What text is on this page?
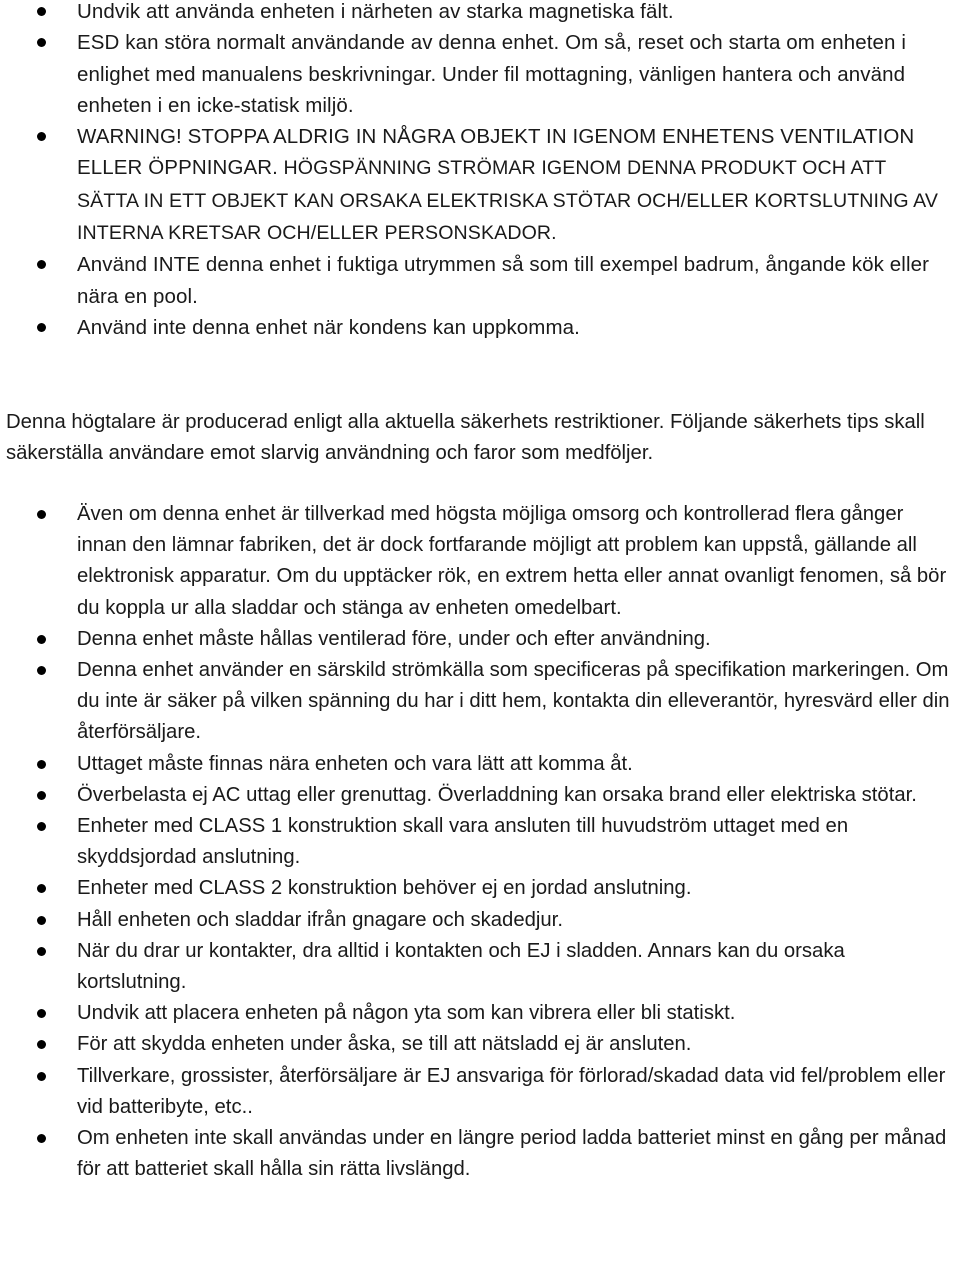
Undvik att använda enheten i närheten av starka magnetiska fält.
ESD kan störa normalt användande av denna enhet. Om så, reset och starta om enheten i enlighet med manualens beskrivningar. Under fil mottagning, vänligen hantera och använd enheten i en icke-statisk miljö.
WARNING! STOPPA ALDRIG IN NÅGRA OBJEKT IN IGENOM ENHETENS VENTILATION ELLER ÖPPNINGAR. HÖGSPÄNNING STRÖMAR IGENOM DENNA PRODUKT OCH ATT SÄTTA IN ETT OBJEKT KAN ORSAKA ELEKTRISKA STÖTAR OCH/ELLER KORTSLUTNING AV INTERNA KRETSAR OCH/ELLER PERSONSKADOR.
Använd INTE denna enhet i fuktiga utrymmen så som till exempel badrum, ångande kök eller nära en pool.
Använd inte denna enhet när kondens kan uppkomma.

Denna högtalare är producerad enligt alla aktuella säkerhets restriktioner. Följande säkerhets tips skall säkerställa användare emot slarvig användning och faror som medföljer.

Även om denna enhet är tillverkad med högsta möjliga omsorg och kontrollerad flera gånger innan den lämnar fabriken, det är dock fortfarande möjligt att problem kan uppstå, gällande all elektronisk apparatur. Om du upptäcker rök, en extrem hetta eller annat ovanligt fenomen, så bör du koppla ur alla sladdar och stänga av enheten omedelbart.
Denna enhet måste hållas ventilerad före, under och efter användning.
Denna enhet använder en särskild strömkälla som specificeras på specifikation markeringen. Om du inte är säker på vilken spänning du har i ditt hem, kontakta din elleverantör, hyresvärd eller din återförsäljare.
Uttaget måste finnas nära enheten och vara lätt att komma åt.
Överbelasta ej AC uttag eller grenuttag. Överladdning kan orsaka brand eller elektriska stötar.
Enheter med CLASS 1 konstruktion skall vara ansluten till huvudström uttaget med en skyddsjordad anslutning.
Enheter med CLASS 2 konstruktion behöver ej en jordad anslutning.
Håll enheten och sladdar ifrån gnagare och skadedjur.
När du drar ur kontakter, dra alltid i kontakten och EJ i sladden. Annars kan du orsaka kortslutning.
Undvik att placera enheten på någon yta som kan vibrera eller bli statiskt.
För att skydda enheten under åska, se till att nätsladd ej är ansluten.
Tillverkare, grossister, återförsäljare är EJ ansvariga för förlorad/skadad data vid fel/problem eller vid batteribyte, etc..
Om enheten inte skall användas under en längre period ladda batteriet minst en gång per månad för att batteriet skall hålla sin rätta livslängd.
